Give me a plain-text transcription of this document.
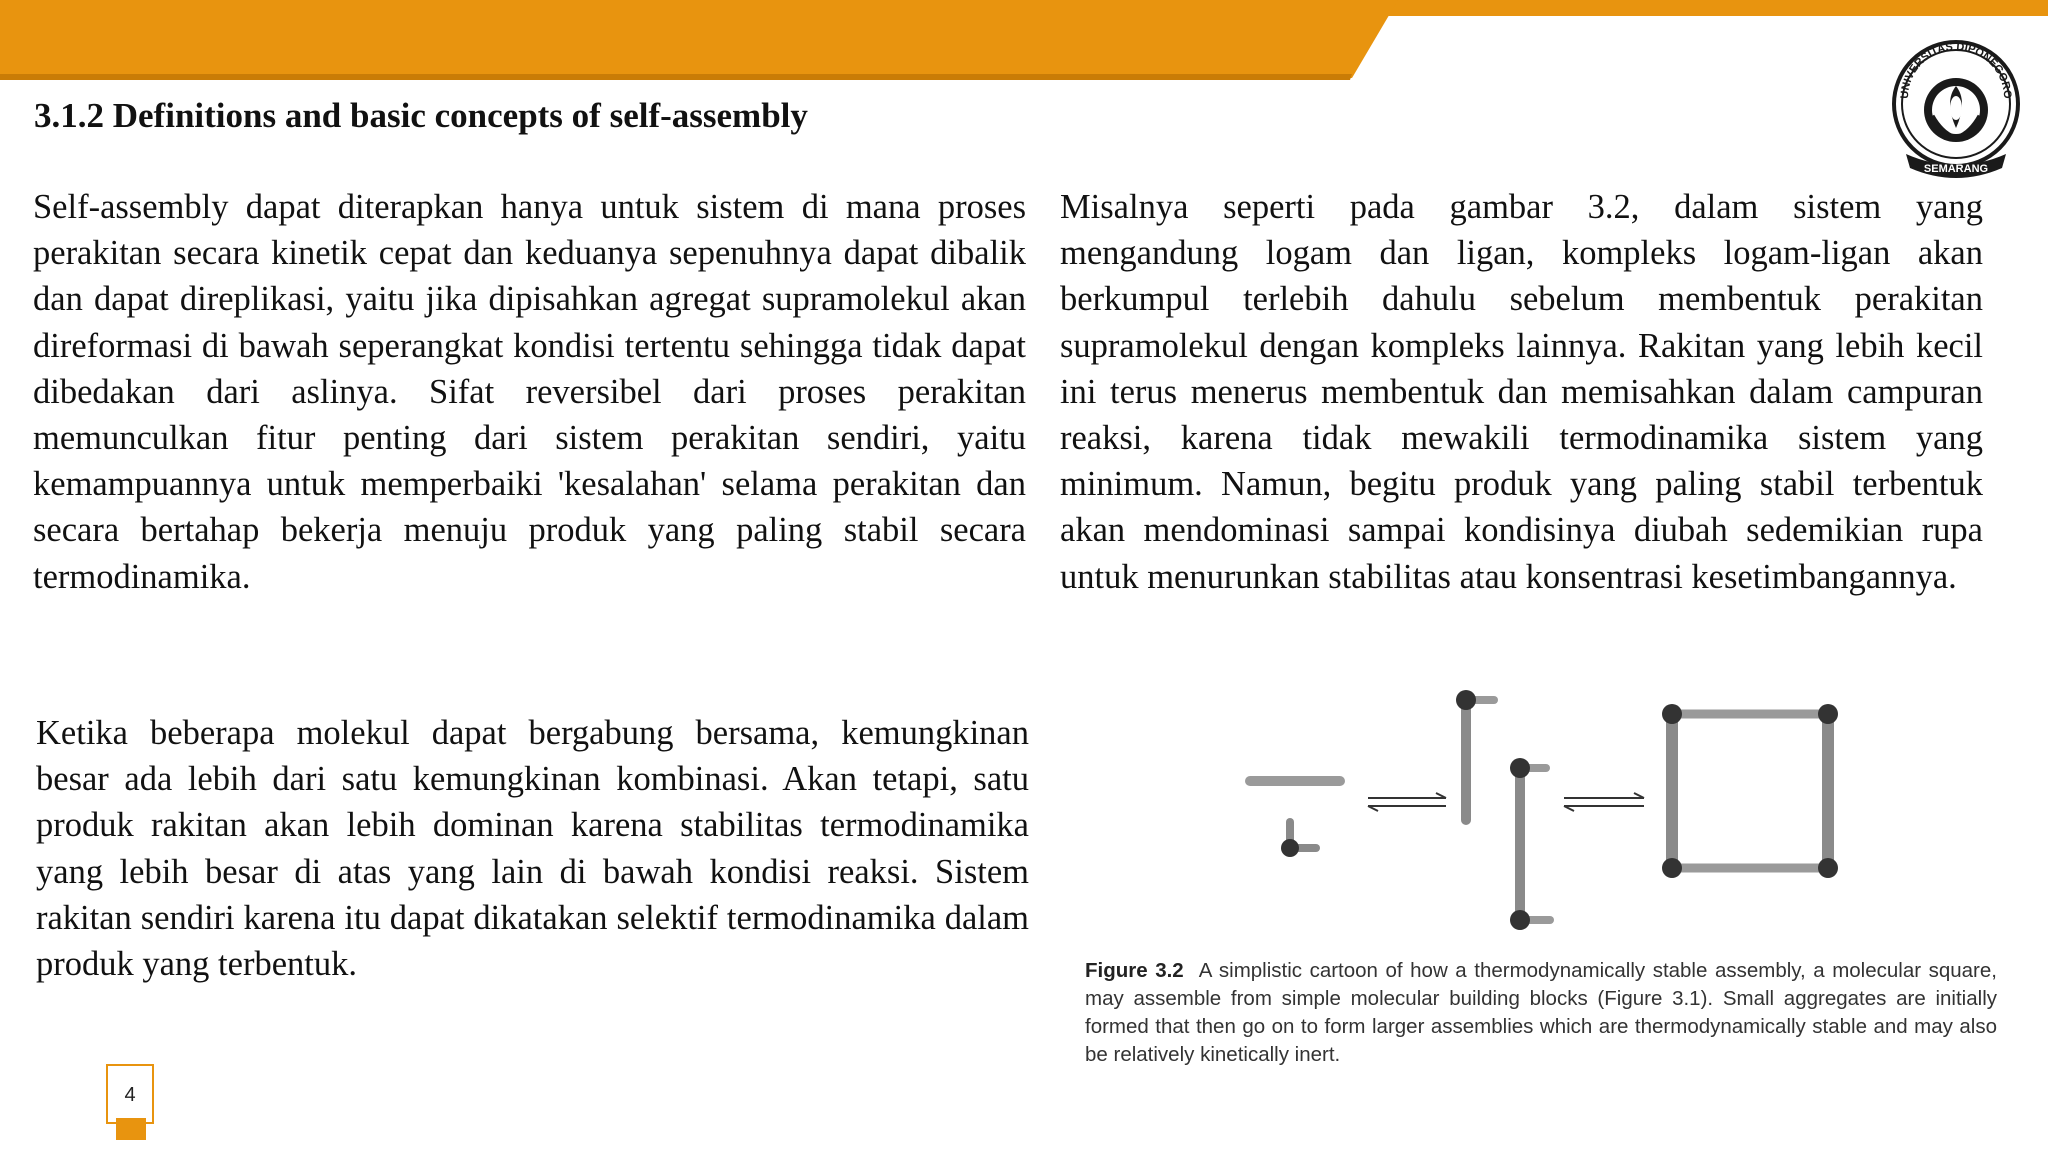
UNIVERSITAS DIPONEGORO
SEMARANG
3.1.2 Definitions and basic concepts of self-assembly

Self-assembly dapat diterapkan hanya untuk sistem di mana proses perakitan secara kinetik cepat dan keduanya sepenuhnya dapat dibalik dan dapat direplikasi, yaitu jika dipisahkan agregat supramolekul akan direformasi di bawah seperangkat kondisi tertentu sehingga tidak dapat dibedakan dari aslinya. Sifat reversibel dari proses perakitan memunculkan fitur penting dari sistem perakitan sendiri, yaitu kemampuannya untuk memperbaiki 'kesalahan' selama perakitan dan secara bertahap bekerja menuju produk yang paling stabil secara termodinamika.

Misalnya seperti pada gambar 3.2, dalam sistem yang mengandung logam dan ligan, kompleks logam-ligan akan berkumpul terlebih dahulu sebelum membentuk perakitan supramolekul dengan kompleks lainnya. Rakitan yang lebih kecil ini terus menerus membentuk dan memisahkan dalam campuran reaksi, karena tidak mewakili termodinamika sistem yang minimum. Namun, begitu produk yang paling stabil terbentuk akan mendominasi sampai kondisinya diubah sedemikian rupa untuk menurunkan stabilitas atau konsentrasi kesetimbangannya.

Ketika beberapa molekul dapat bergabung bersama, kemungkinan besar ada lebih dari satu kemungkinan kombinasi. Akan tetapi, satu produk rakitan akan lebih dominan karena stabilitas termodinamika yang lebih besar di atas yang lain di bawah kondisi reaksi. Sistem rakitan sendiri karena itu dapat dikatakan selektif termodinamika dalam produk yang terbentuk.	Figure 3.2 A simplistic cartoon of how a thermodynamically stable assembly, a molecular square, may assemble from simple molecular building blocks (Figure 3.1). Small aggregates are initially formed that then go on to form larger assemblies which are thermodynamically stable and may also be relatively kinetically inert.

4
